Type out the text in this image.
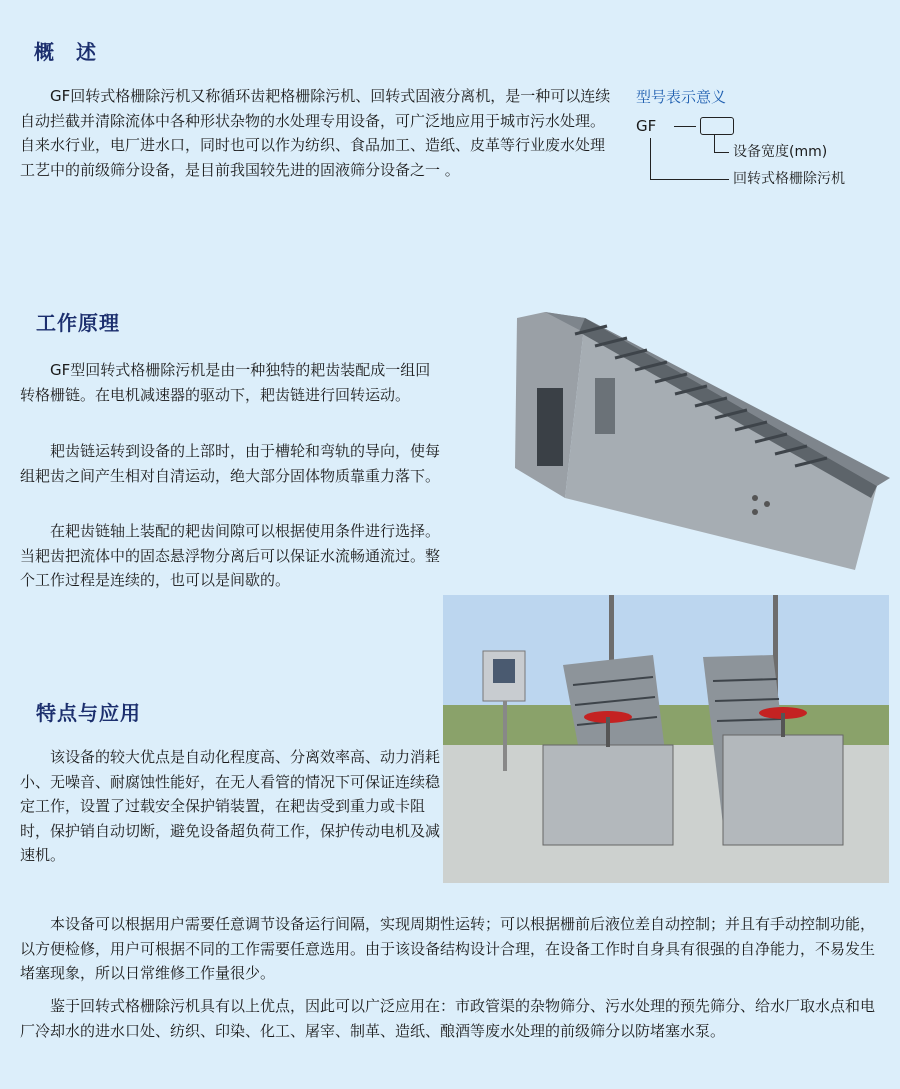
概　述

GF回转式格栅除污机又称循环齿耙格栅除污机、回转式固液分离机，是一种可以连续自动拦截并清除流体中各种形状杂物的水处理专用设备，可广泛地应用于城市污水处理。自来水行业，电厂进水口，同时也可以作为纺织、食品加工、造纸、皮革等行业废水处理工艺中的前级筛分设备，是目前我国较先进的固液筛分设备之一 。

型号表示意义
GF
设备宽度(mm)
回转式格栅除污机
工作原理

GF型回转式格栅除污机是由一种独特的耙齿装配成一组回转格栅链。在电机减速器的驱动下，耙齿链进行回转运动。

耙齿链运转到设备的上部时，由于槽轮和弯轨的导向，使每组耙齿之间产生相对自清运动，绝大部分固体物质靠重力落下。

在耙齿链轴上装配的耙齿间隙可以根据使用条件进行选择。当耙齿把流体中的固态悬浮物分离后可以保证水流畅通流过。整个工作过程是连续的，也可以是间歇的。

特点与应用

该设备的较大优点是自动化程度高、分离效率高、动力消耗小、无噪音、耐腐蚀性能好，在无人看管的情况下可保证连续稳定工作，设置了过载安全保护销装置，在耙齿受到重力或卡阻时，保护销自动切断，避免设备超负荷工作，保护传动电机及减速机。

本设备可以根据用户需要任意调节设备运行间隔，实现周期性运转；可以根据栅前后液位差自动控制；并且有手动控制功能，以方便检修，用户可根据不同的工作需要任意选用。由于该设备结构设计合理，在设备工作时自身具有很强的自净能力，不易发生堵塞现象，所以日常维修工作量很少。

鉴于回转式格栅除污机具有以上优点，因此可以广泛应用在：市政管渠的杂物筛分、污水处理的预先筛分、给水厂取水点和电厂冷却水的进水口处、纺织、印染、化工、屠宰、制革、造纸、酿酒等废水处理的前级筛分以防堵塞水泵。
